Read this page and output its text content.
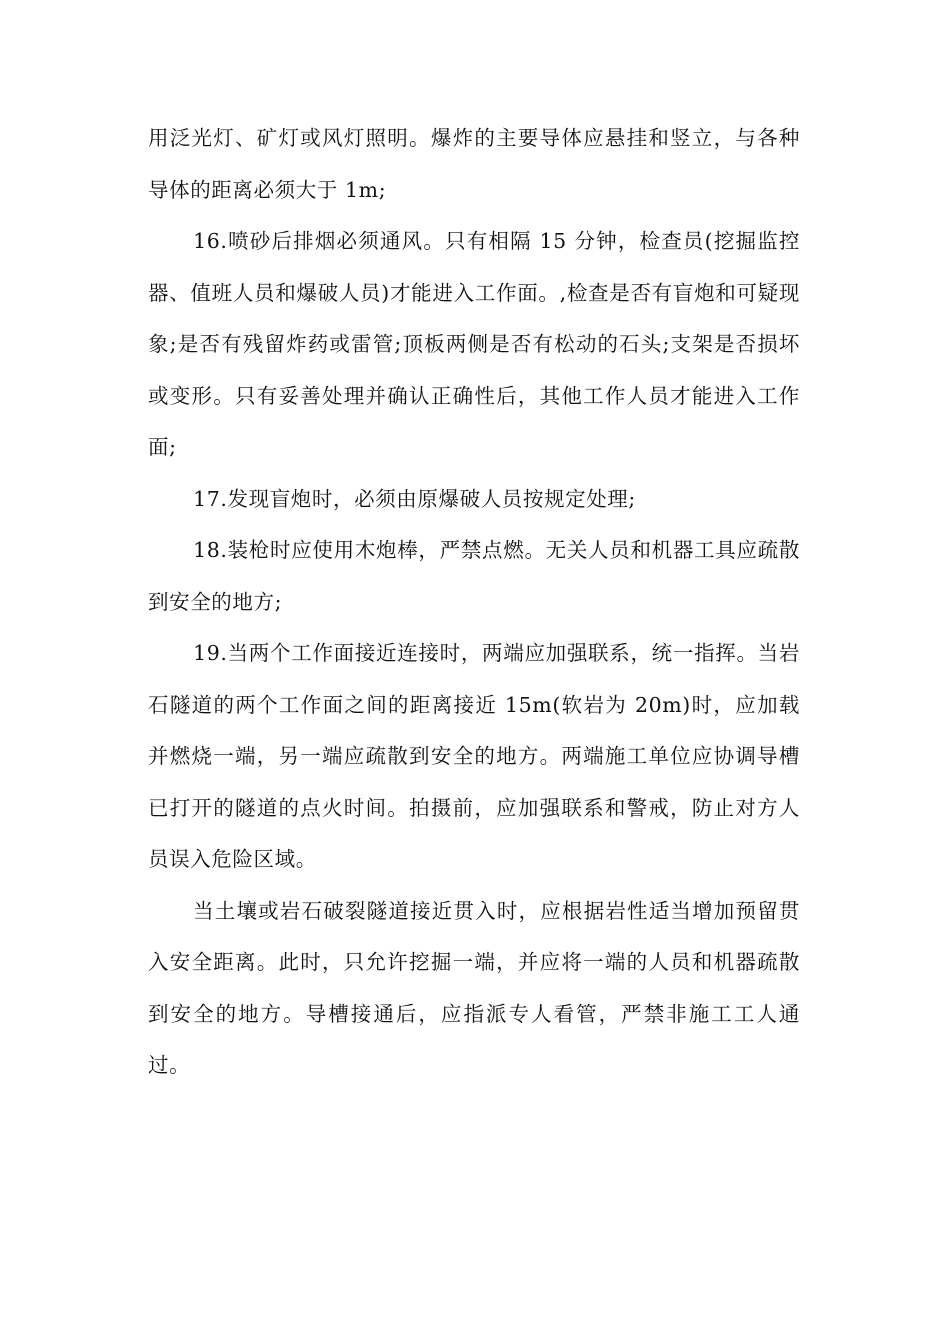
用泛光灯、矿灯或风灯照明。爆炸的主要导体应悬挂和竖立，与各种导体的距离必须大于 1m;

16.喷砂后排烟必须通风。只有相隔 15 分钟，检查员(挖掘监控器、值班人员和爆破人员)才能进入工作面。,检查是否有盲炮和可疑现象;是否有残留炸药或雷管;顶板两侧是否有松动的石头;支架是否损坏或变形。只有妥善处理并确认正确性后，其他工作人员才能进入工作面;

17.发现盲炮时，必须由原爆破人员按规定处理;

18.装枪时应使用木炮棒，严禁点燃。无关人员和机器工具应疏散到安全的地方;

19.当两个工作面接近连接时，两端应加强联系，统一指挥。当岩石隧道的两个工作面之间的距离接近 15m(软岩为 20m)时，应加载并燃烧一端，另一端应疏散到安全的地方。两端施工单位应协调导槽已打开的隧道的点火时间。拍摄前，应加强联系和警戒，防止对方人员误入危险区域。

当土壤或岩石破裂隧道接近贯入时，应根据岩性适当增加预留贯入安全距离。此时，只允许挖掘一端，并应将一端的人员和机器疏散到安全的地方。导槽接通后，应指派专人看管，严禁非施工工人通过。
